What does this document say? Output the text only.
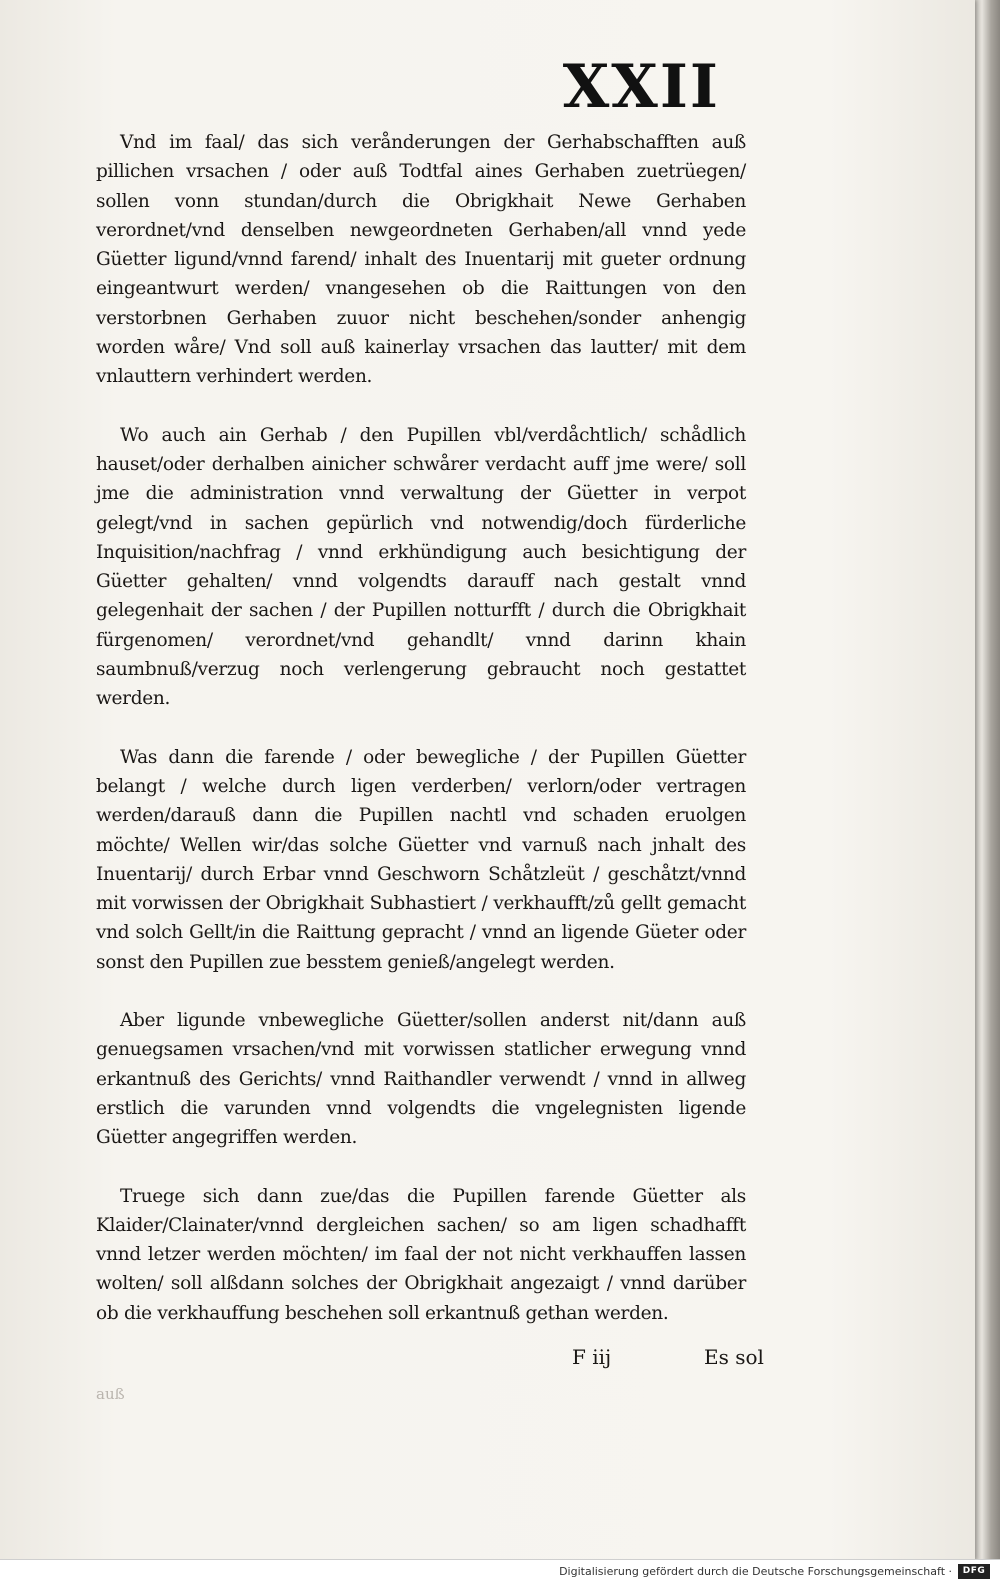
XXII

Vnd im faal/ das sich verånderungen der Gerhabschafften auß pillichen vrsachen / oder auß Todtfal aines Gerhaben zuetrüegen/ sollen vonn stundan/durch die Obrigkhait Newe Gerhaben verordnet/vnd denselben newgeordneten Gerhaben/all vnnd yede Güetter ligund/vnnd farend/ inhalt des Inuentarij mit gueter ordnung eingeantwurt werden/ vnangesehen ob die Raittungen von den verstorbnen Gerhaben zuuor nicht beschehen/sonder anhengig worden wåre/ Vnd soll auß kainerlay vrsachen das lautter/ mit dem vnlauttern verhindert werden.

Wo auch ain Gerhab / den Pupillen vbl/verdåchtlich/ schådlich hauset/oder derhalben ainicher schwårer verdacht auff jme were/ soll jme die administration vnnd verwaltung der Güetter in verpot gelegt/vnd in sachen gepürlich vnd notwendig/doch fürderliche Inquisition/nachfrag / vnnd erkhündigung auch besichtigung der Güetter gehalten/ vnnd volgendts darauff nach gestalt vnnd gelegenhait der sachen / der Pupillen notturfft / durch die Obrigkhait fürgenomen/ verordnet/vnd gehandlt/ vnnd darinn khain saumbnuß/verzug noch verlengerung gebraucht noch gestattet werden.

Was dann die farende / oder bewegliche / der Pupillen Güetter belangt / welche durch ligen verderben/ verlorn/oder vertragen werden/darauß dann die Pupillen nachtl vnd schaden eruolgen möchte/ Wellen wir/das solche Güetter vnd varnuß nach jnhalt des Inuentarij/ durch Erbar vnnd Geschworn Schåtzleüt / geschåtzt/vnnd mit vorwissen der Obrigkhait Subhastiert / verkhaufft/zů gellt gemacht vnd solch Gellt/in die Raittung gepracht / vnnd an ligende Güeter oder sonst den Pupillen zue besstem genieß/angelegt werden.

Aber ligunde vnbewegliche Güetter/sollen anderst nit/dann auß genuegsamen vrsachen/vnd mit vorwissen statlicher erwegung vnnd erkantnuß des Gerichts/ vnnd Raithandler verwendt / vnnd in allweg erstlich die varunden vnnd volgendts die vngelegnisten ligende Güetter angegriffen werden.

Truege sich dann zue/das die Pupillen farende Güetter als Klaider/Clainater/vnnd dergleichen sachen/ so am ligen schadhafft vnnd letzer werden möchten/ im faal der not nicht verkhauffen lassen wolten/ soll alßdann solches der Obrigkhait angezaigt / vnnd darüber ob die verkhauffung beschehen soll erkantnuß gethan werden.

F iij	Es sol
auß
Digitalisierung gefördert durch die Deutsche Forschungsgemeinschaft ·	DFG
